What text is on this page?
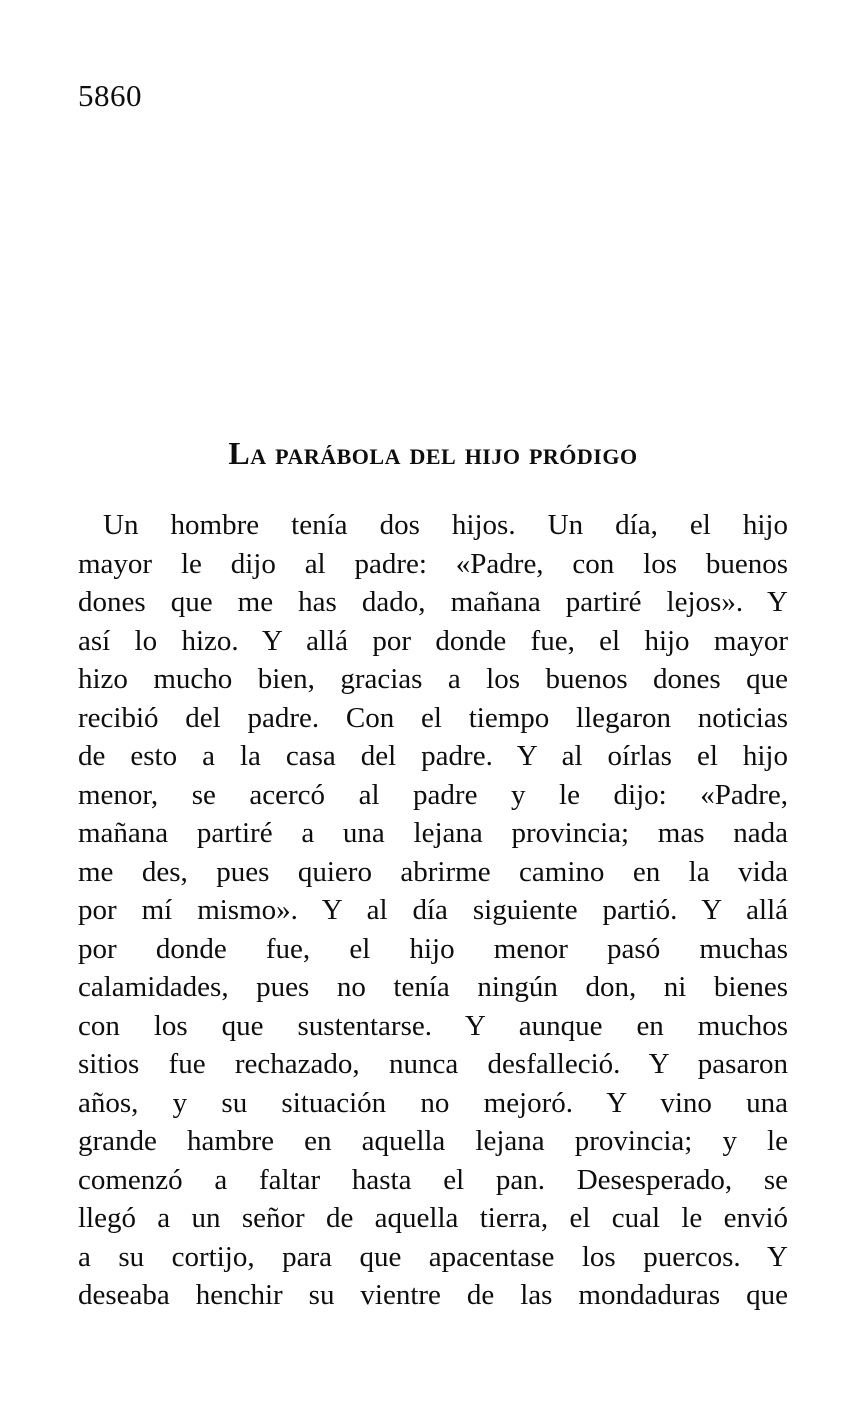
5860
La parábola del hijo pródigo
Un hombre tenía dos hijos. Un día, el hijo
mayor le dijo al padre: «Padre, con los buenos
dones que me has dado, mañana partiré lejos». Y
así lo hizo. Y allá por donde fue, el hijo mayor
hizo mucho bien, gracias a los buenos dones que
recibió del padre. Con el tiempo llegaron noticias
de esto a la casa del padre. Y al oírlas el hijo
menor, se acercó al padre y le dijo: «Padre,
mañana partiré a una lejana provincia; mas nada
me des, pues quiero abrirme camino en la vida
por mí mismo». Y al día siguiente partió. Y allá
por donde fue, el hijo menor pasó muchas
calamidades, pues no tenía ningún don, ni bienes
con los que sustentarse. Y aunque en muchos
sitios fue rechazado, nunca desfalleció. Y pasaron
años, y su situación no mejoró. Y vino una
grande hambre en aquella lejana provincia; y le
comenzó a faltar hasta el pan. Desesperado, se
llegó a un señor de aquella tierra, el cual le envió
a su cortijo, para que apacentase los puercos. Y
deseaba henchir su vientre de las mondaduras que
